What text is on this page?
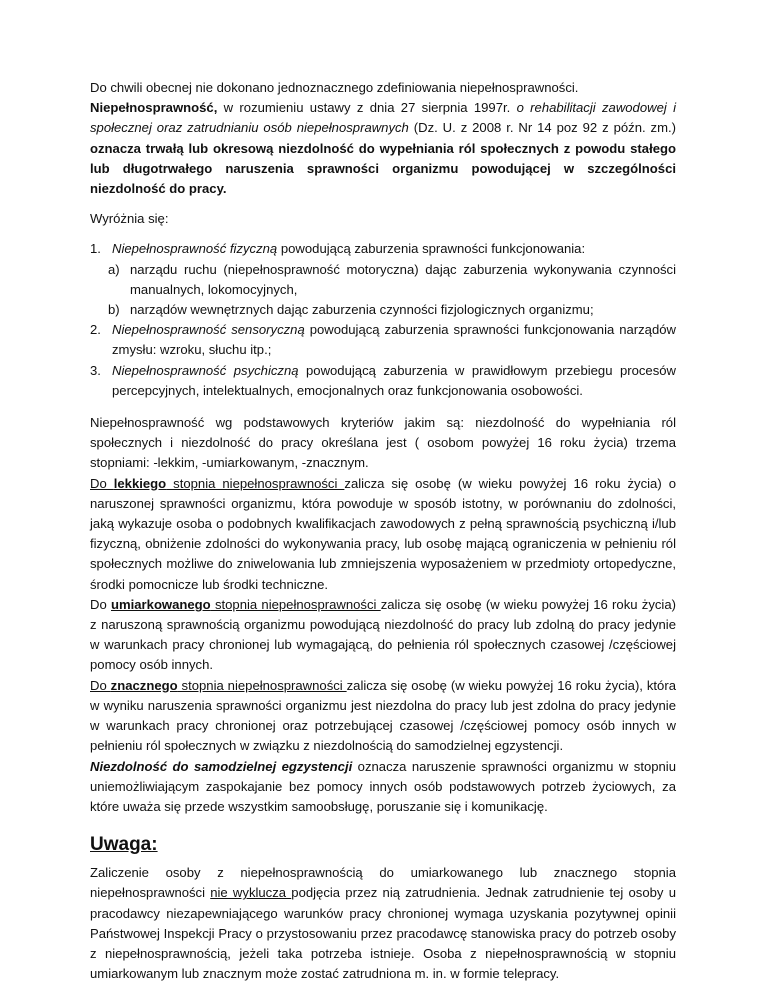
Do chwili obecnej nie dokonano jednoznacznego zdefiniowania niepełnosprawności.

Niepełnosprawność, w rozumieniu ustawy z dnia 27 sierpnia 1997r. o rehabilitacji zawodowej i społecznej oraz zatrudnianiu osób niepełnosprawnych (Dz. U. z 2008 r. Nr 14 poz 92 z późn. zm.) oznacza trwałą lub okresową niezdolność do wypełniania ról społecznych z powodu stałego lub długotrwałego naruszenia sprawności organizmu powodującej w szczególności niezdolność do pracy.

Wyróżnia się:

1. Niepełnosprawność fizyczną powodującą zaburzenia sprawności funkcjonowania:

a) narządu ruchu (niepełnosprawność motoryczna) dając zaburzenia wykonywania czynności manualnych, lokomocyjnych,

b) narządów wewnętrznych dając zaburzenia czynności fizjologicznych organizmu;

2. Niepełnosprawność sensoryczną powodującą zaburzenia sprawności funkcjonowania narządów zmysłu: wzroku, słuchu itp.;

3. Niepełnosprawność psychiczną powodującą zaburzenia w prawidłowym przebiegu procesów percepcyjnych, intelektualnych, emocjonalnych oraz funkcjonowania osobowości.

Niepełnosprawność wg podstawowych kryteriów jakim są: niezdolność do wypełniania ról społecznych i niezdolność do pracy określana jest ( osobom powyżej 16 roku życia) trzema stopniami: -lekkim, -umiarkowanym, -znacznym.

Do lekkiego stopnia niepełnosprawności zalicza się osobę (w wieku powyżej 16 roku życia) o naruszonej sprawności organizmu, która powoduje w sposób istotny, w porównaniu do zdolności, jaką wykazuje osoba o podobnych kwalifikacjach zawodowych z pełną sprawnością psychiczną i/lub fizyczną, obniżenie zdolności do wykonywania pracy, lub osobę mającą ograniczenia w pełnieniu ról społecznych możliwe do zniwelowania lub zmniejszenia wyposażeniem w przedmioty ortopedyczne, środki pomocnicze lub środki techniczne.

Do umiarkowanego stopnia niepełnosprawności zalicza się osobę (w wieku powyżej 16 roku życia) z naruszoną sprawnością organizmu powodującą niezdolność do pracy lub zdolną do pracy jedynie w warunkach pracy chronionej lub wymagającą, do pełnienia ról społecznych czasowej /częściowej pomocy osób innych.

Do znacznego stopnia niepełnosprawności zalicza się osobę (w wieku powyżej 16 roku życia), która w wyniku naruszenia sprawności organizmu jest niezdolna do pracy lub jest zdolna do pracy jedynie w warunkach pracy chronionej oraz potrzebującej czasowej /częściowej pomocy osób innych w pełnieniu ról społecznych w związku z niezdolnością do samodzielnej egzystencji.

Niezdolność do samodzielnej egzystencji oznacza naruszenie sprawności organizmu w stopniu uniemożliwiającym zaspokajanie bez pomocy innych osób podstawowych potrzeb życiowych, za które uważa się przede wszystkim samoobsługę, poruszanie się i komunikację.

Uwaga:

Zaliczenie osoby z niepełnosprawnością do umiarkowanego lub znacznego stopnia niepełnosprawności nie wyklucza podjęcia przez nią zatrudnienia. Jednak zatrudnienie tej osoby u pracodawcy niezapewniającego warunków pracy chronionej wymaga uzyskania pozytywnej opinii Państwowej Inspekcji Pracy o przystosowaniu przez pracodawcę stanowiska pracy do potrzeb osoby z niepełnosprawnością, jeżeli taka potrzeba istnieje. Osoba z niepełnosprawnością w stopniu umiarkowanym lub znacznym może zostać zatrudniona m. in. w formie telepracy.
